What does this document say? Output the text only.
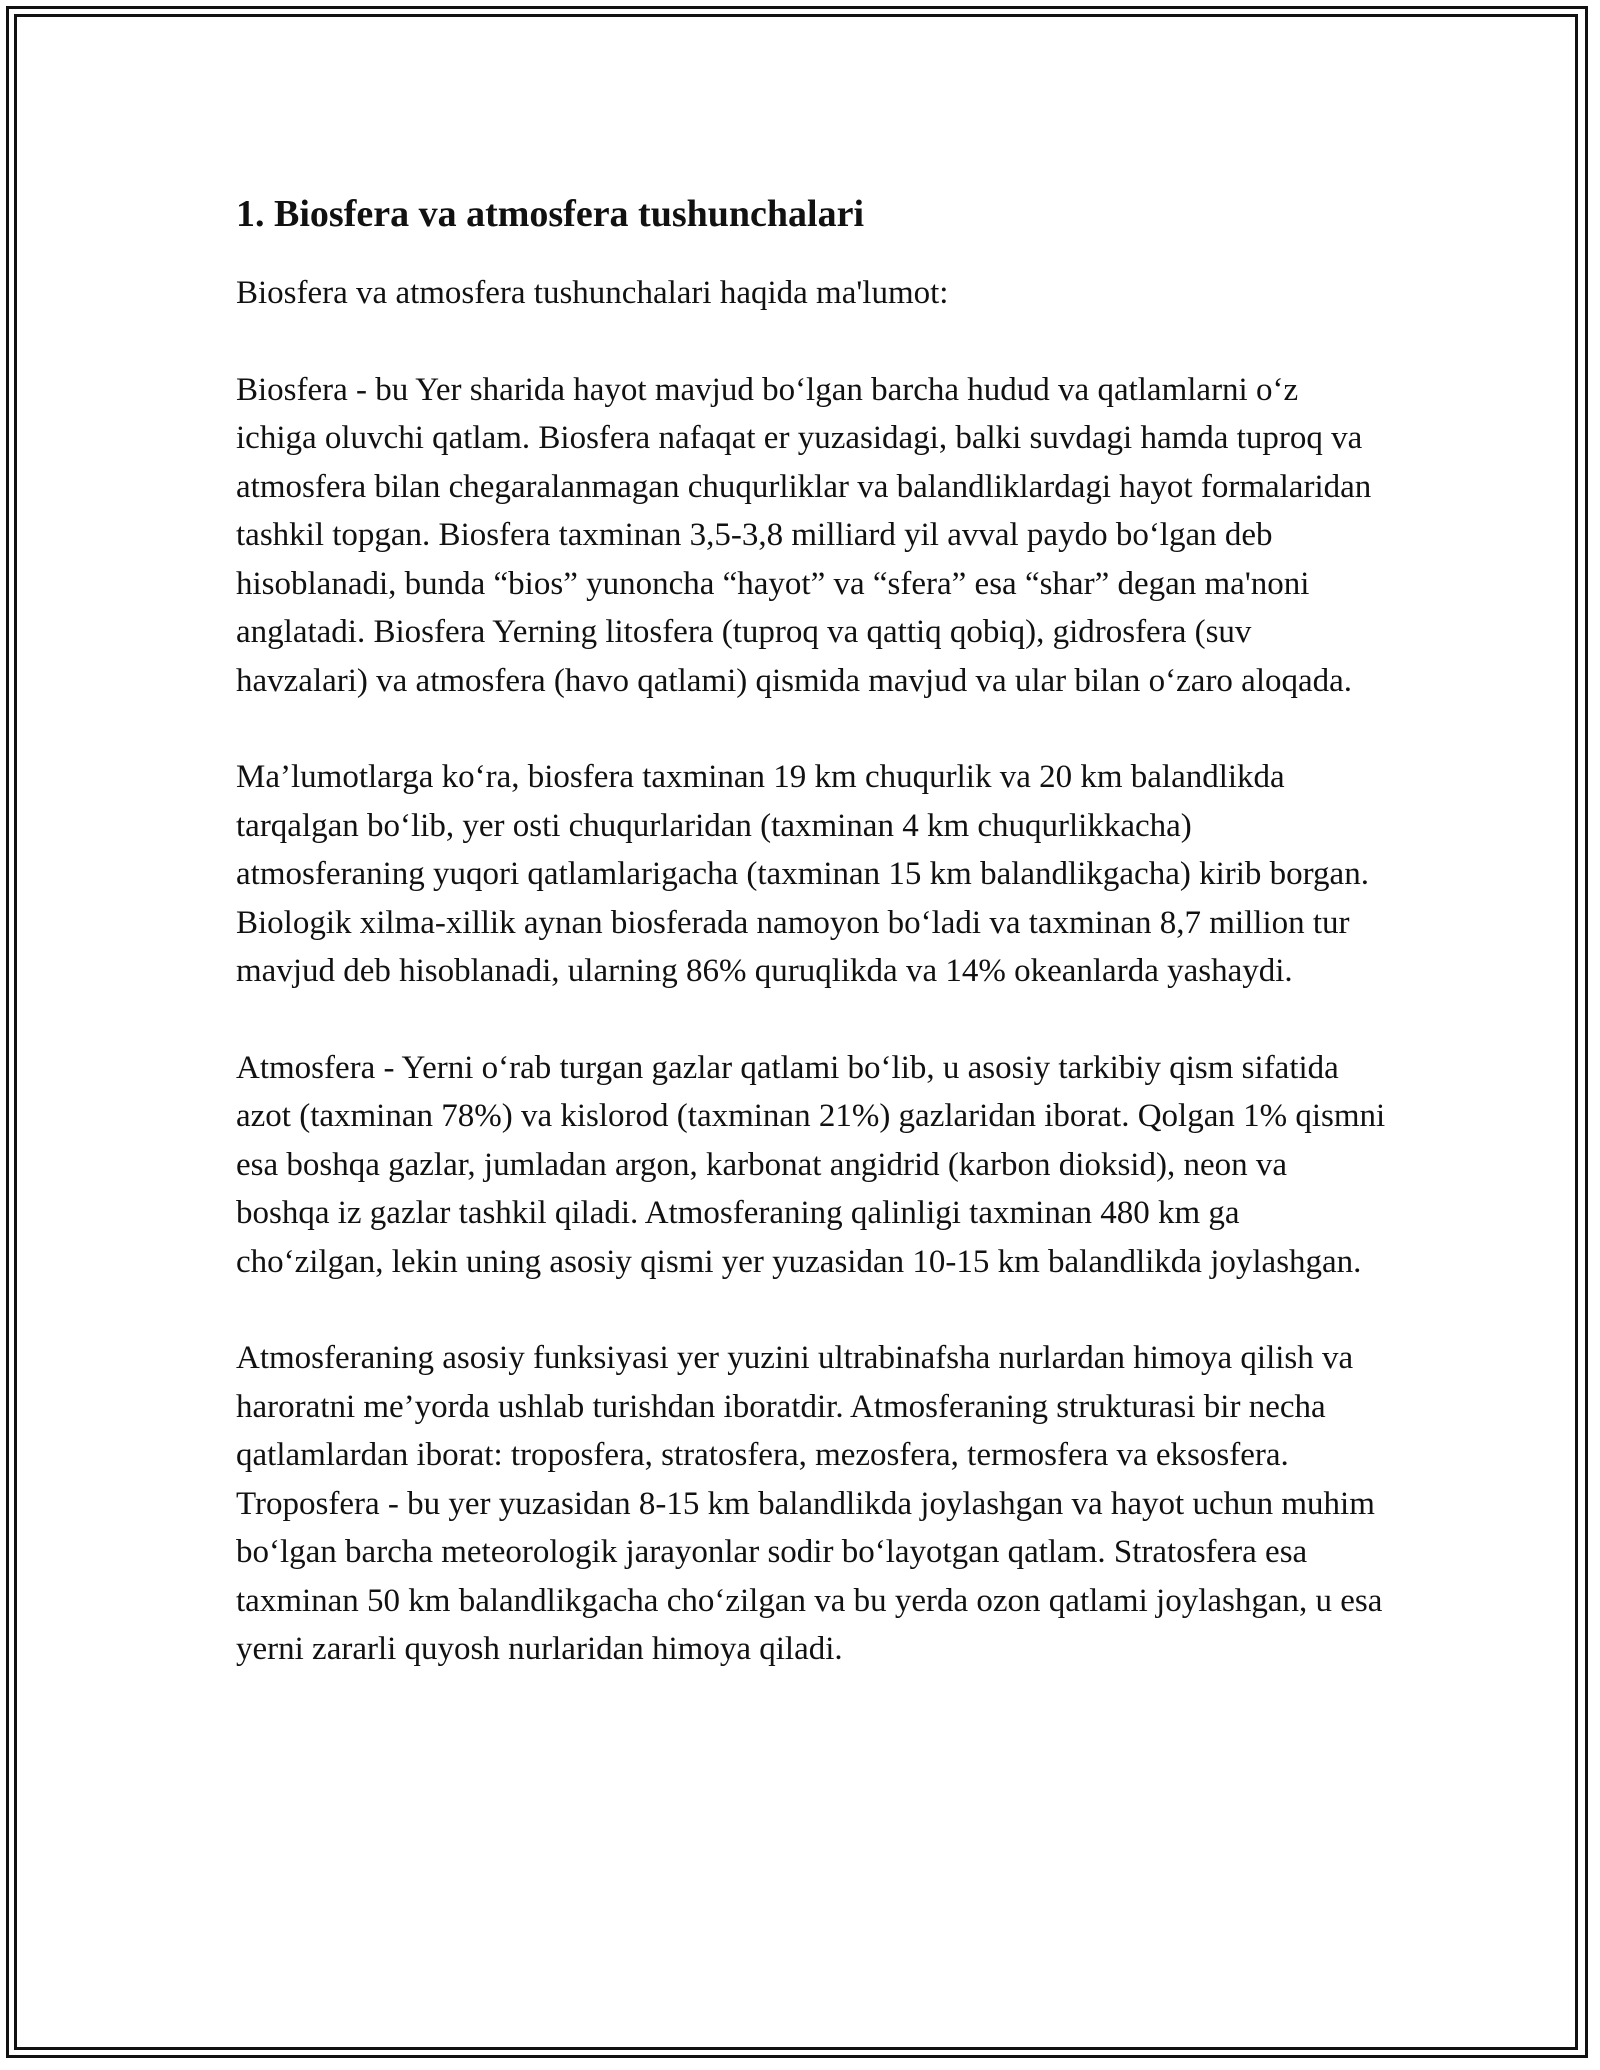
1. Biosfera va atmosfera tushunchalari

Biosfera va atmosfera tushunchalari haqida ma'lumot:

Biosfera - bu Yer sharida hayot mavjud bo‘lgan barcha hudud va qatlamlarni o‘z ichiga oluvchi qatlam. Biosfera nafaqat er yuzasidagi, balki suvdagi hamda tuproq va atmosfera bilan chegaralanmagan chuqurliklar va balandliklardagi hayot formalaridan tashkil topgan. Biosfera taxminan 3,5-3,8 milliard yil avval paydo bo‘lgan deb hisoblanadi, bunda “bios” yunoncha “hayot” va “sfera” esa “shar” degan ma'noni anglatadi. Biosfera Yerning litosfera (tuproq va qattiq qobiq), gidrosfera (suv havzalari) va atmosfera (havo qatlami) qismida mavjud va ular bilan o‘zaro aloqada.

Ma’lumotlarga ko‘ra, biosfera taxminan 19 km chuqurlik va 20 km balandlikda tarqalgan bo‘lib, yer osti chuqurlaridan (taxminan 4 km chuqurlikkacha) atmosferaning yuqori qatlamlarigacha (taxminan 15 km balandlikgacha) kirib borgan. Biologik xilma-xillik aynan biosferada namoyon bo‘ladi va taxminan 8,7 million tur mavjud deb hisoblanadi, ularning 86% quruqlikda va 14% okeanlarda yashaydi.

Atmosfera - Yerni o‘rab turgan gazlar qatlami bo‘lib, u asosiy tarkibiy qism sifatida azot (taxminan 78%) va kislorod (taxminan 21%) gazlaridan iborat. Qolgan 1% qismni esa boshqa gazlar, jumladan argon, karbonat angidrid (karbon dioksid), neon va boshqa iz gazlar tashkil qiladi. Atmosferaning qalinligi taxminan 480 km ga cho‘zilgan, lekin uning asosiy qismi yer yuzasidan 10-15 km balandlikda joylashgan.

Atmosferaning asosiy funksiyasi yer yuzini ultrabinafsha nurlardan himoya qilish va haroratni me’yorda ushlab turishdan iboratdir. Atmosferaning strukturasi bir necha qatlamlardan iborat: troposfera, stratosfera, mezosfera, termosfera va eksosfera. Troposfera - bu yer yuzasidan 8-15 km balandlikda joylashgan va hayot uchun muhim bo‘lgan barcha meteorologik jarayonlar sodir bo‘layotgan qatlam. Stratosfera esa taxminan 50 km balandlikgacha cho‘zilgan va bu yerda ozon qatlami joylashgan, u esa yerni zararli quyosh nurlaridan himoya qiladi.
